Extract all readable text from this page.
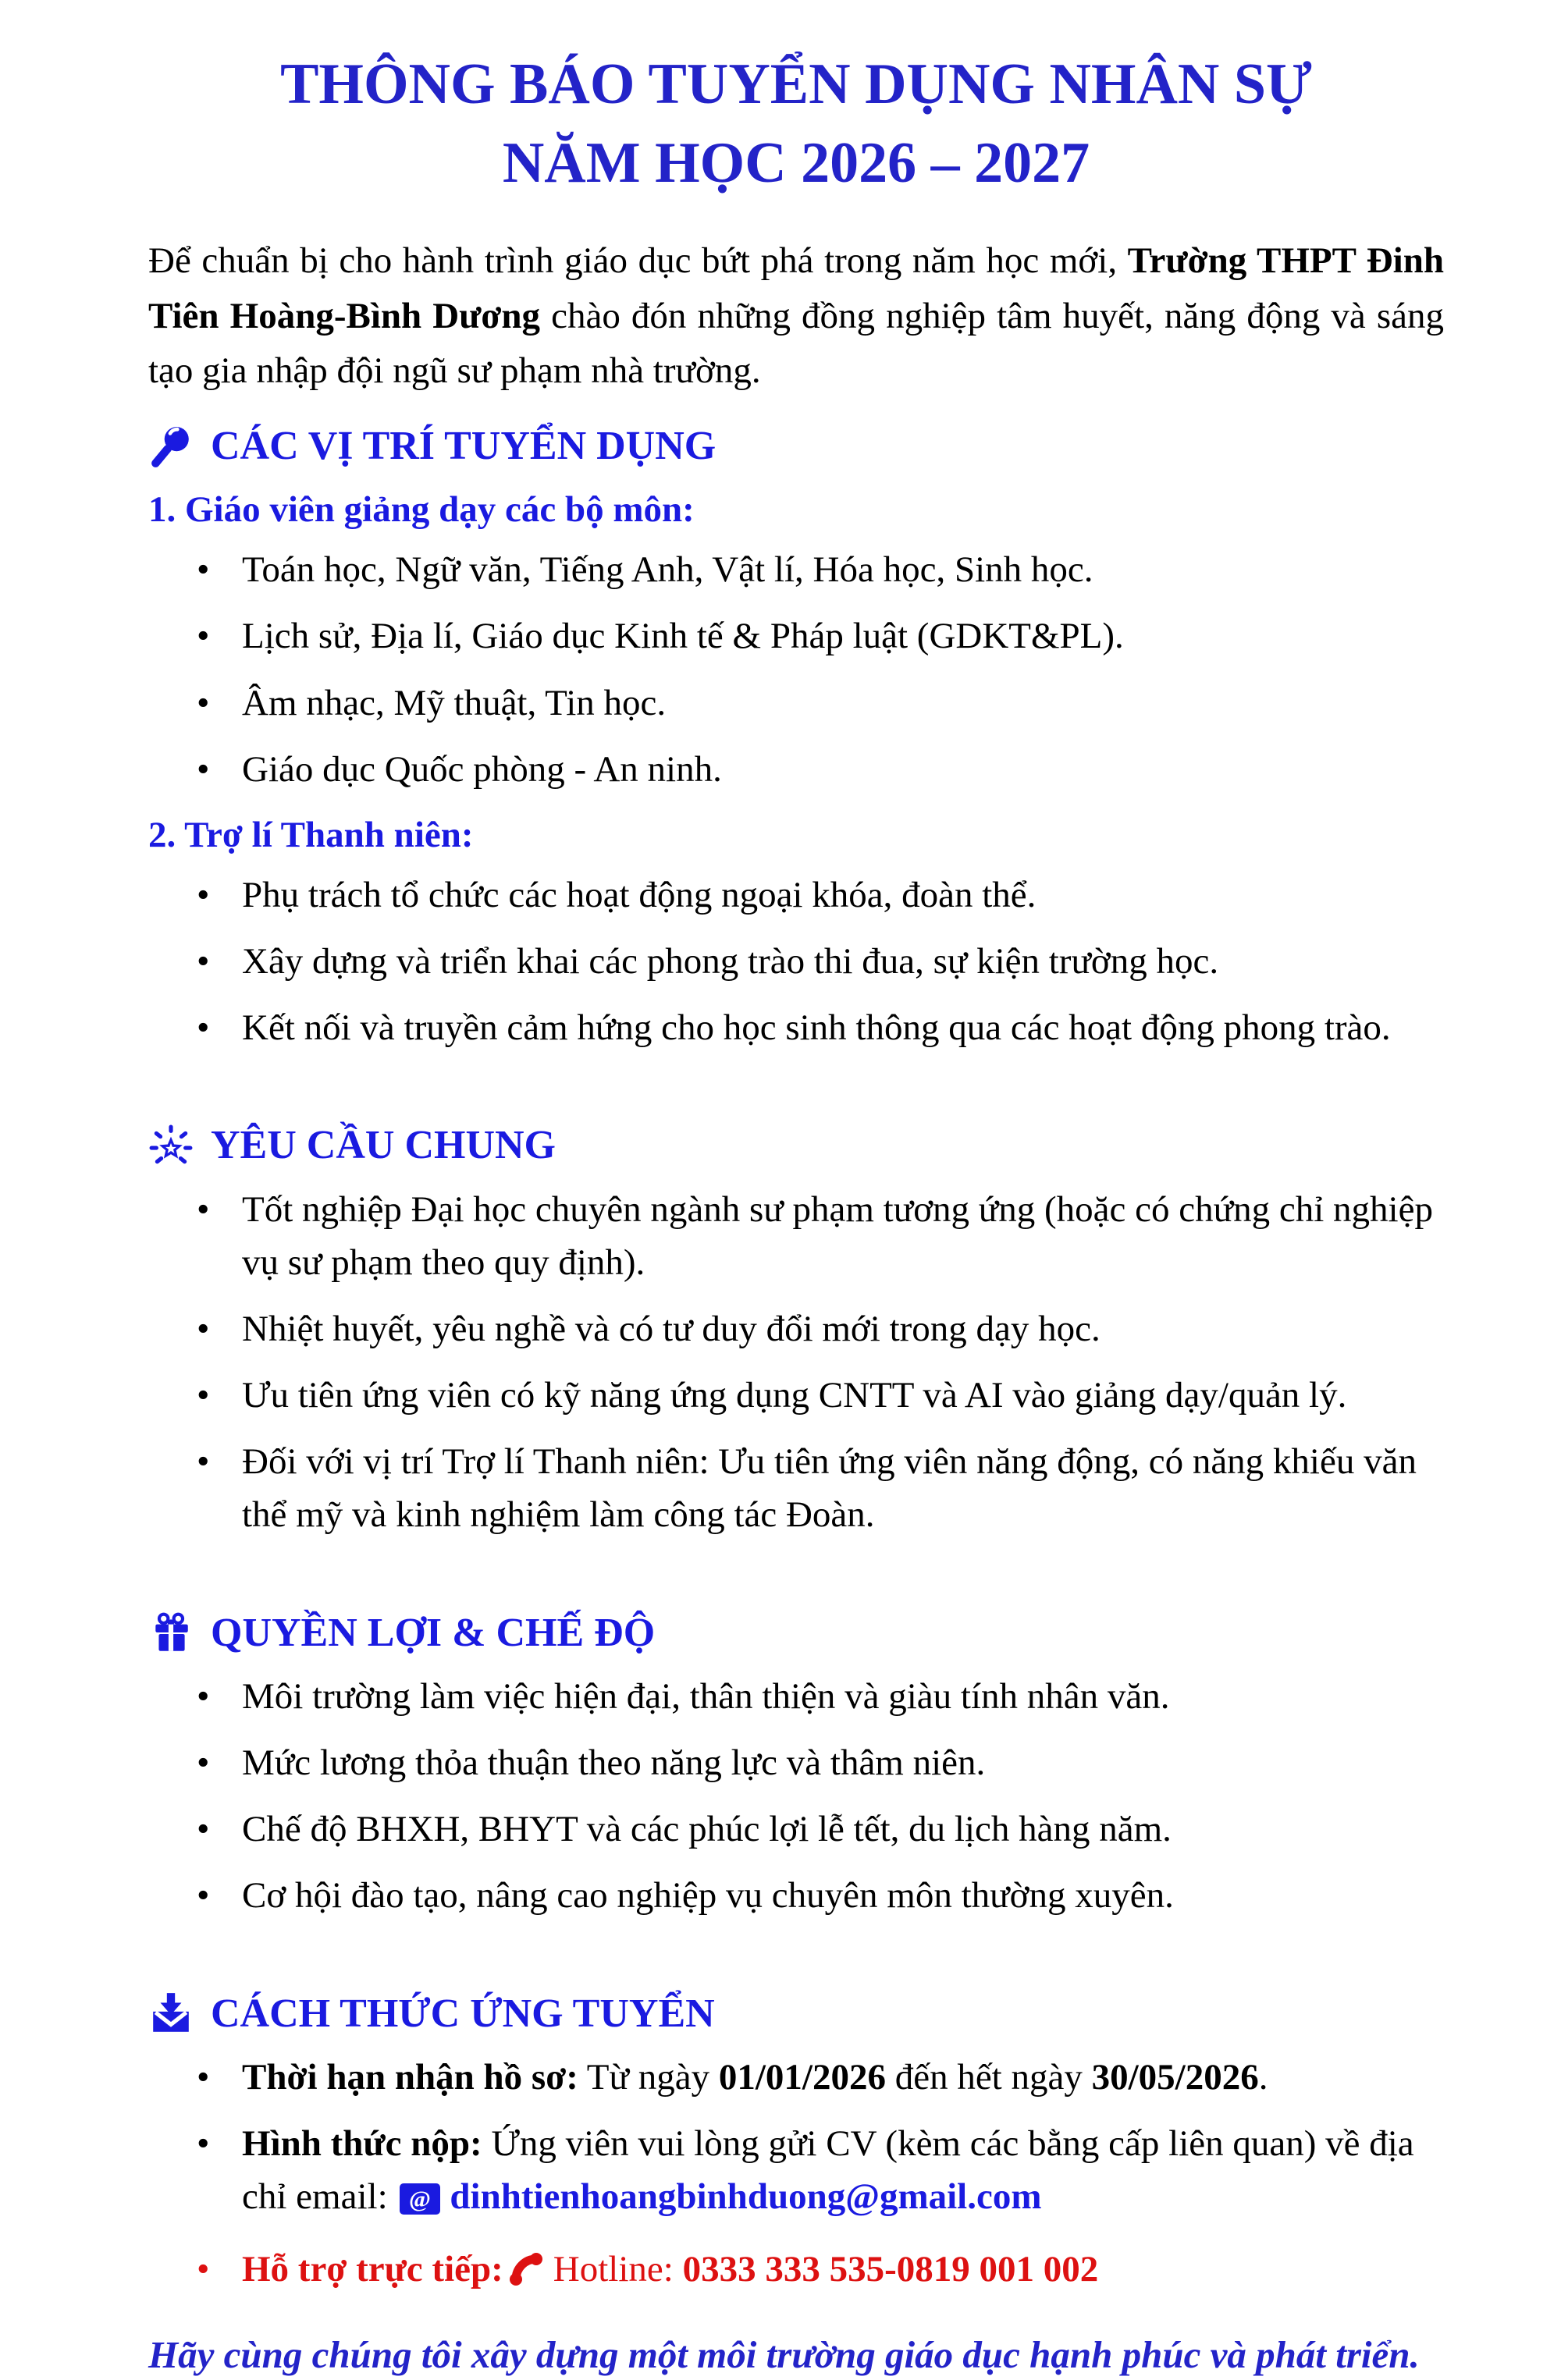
THÔNG BÁO TUYỂN DỤNG NHÂN SỰ
NĂM HỌC 2026 – 2027

Để chuẩn bị cho hành trình giáo dục bứt phá trong năm học mới, Trường THPT Đinh Tiên Hoàng-Bình Dương chào đón những đồng nghiệp tâm huyết, năng động và sáng tạo gia nhập đội ngũ sư phạm nhà trường.

CÁC VỊ TRÍ TUYỂN DỤNG
1. Giáo viên giảng dạy các bộ môn:
• Toán học, Ngữ văn, Tiếng Anh, Vật lí, Hóa học, Sinh học.
• Lịch sử, Địa lí, Giáo dục Kinh tế & Pháp luật (GDKT&PL).
• Âm nhạc, Mỹ thuật, Tin học.
• Giáo dục Quốc phòng - An ninh.
2. Trợ lí Thanh niên:
• Phụ trách tổ chức các hoạt động ngoại khóa, đoàn thể.
• Xây dựng và triển khai các phong trào thi đua, sự kiện trường học.
• Kết nối và truyền cảm hứng cho học sinh thông qua các hoạt động phong trào.
YÊU CẦU CHUNG
• Tốt nghiệp Đại học chuyên ngành sư phạm tương ứng (hoặc có chứng chỉ nghiệp vụ sư phạm theo quy định).
• Nhiệt huyết, yêu nghề và có tư duy đổi mới trong dạy học.
• Ưu tiên ứng viên có kỹ năng ứng dụng CNTT và AI vào giảng dạy/quản lý.
• Đối với vị trí Trợ lí Thanh niên: Ưu tiên ứng viên năng động, có năng khiếu văn thể mỹ và kinh nghiệm làm công tác Đoàn.
QUYỀN LỢI & CHẾ ĐỘ
• Môi trường làm việc hiện đại, thân thiện và giàu tính nhân văn.
• Mức lương thỏa thuận theo năng lực và thâm niên.
• Chế độ BHXH, BHYT và các phúc lợi lễ tết, du lịch hàng năm.
• Cơ hội đào tạo, nâng cao nghiệp vụ chuyên môn thường xuyên.
CÁCH THỨC ỨNG TUYỂN
• Thời hạn nhận hồ sơ: Từ ngày 01/01/2026 đến hết ngày 30/05/2026.
• Hình thức nộp: Ứng viên vui lòng gửi CV (kèm các bằng cấp liên quan) về địa chỉ email: @ dinhtienhoangbinhduong@gmail.com
• Hỗ trợ trực tiếp: Hotline: 0333 333 535-0819 001 002

Hãy cùng chúng tôi xây dựng một môi trường giáo dục hạnh phúc và phát triển.
